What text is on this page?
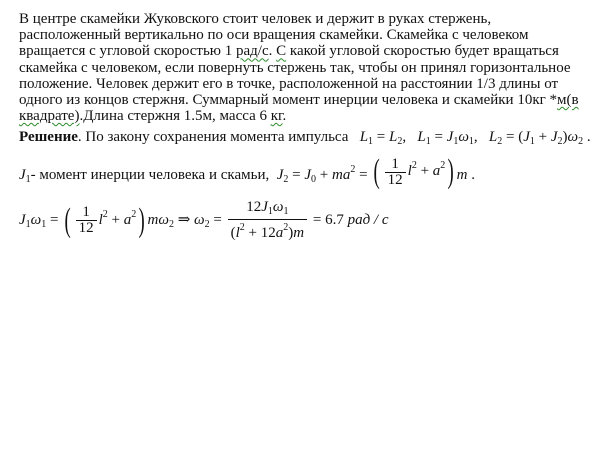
В центре скамейки Жуковского стоит человек и держит в руках стержень, расположенный вертикально по оси вращения скамейки. Скамейка с человеком вращается с угловой скоростью 1 рад/с. С какой угловой скоростью будет вращаться скамейка с человеком, если повернуть стержень так, чтобы он принял горизонтальное положение. Человек держит его в точке, расположенной на расстоянии 1/3 длины от одного из концов стержня. Суммарный момент инерции человека и скамейки 10кг *м(в квадрате).Длина стержня 1.5м, масса 6 кг.

Решение. По закону сохранения момента импульса   $L_1 = L_2$,   $L_1 = J_1\omega_1$,   $L_2 = (J_1 + J_2)\omega_2$ .
$J_1-$ момент инерции человека и скамьи,  $J_2 = J_0 + ma^2$ = ( $\frac{1}{12} l^2 + a^2$) m .
$J_1\omega_1$ = ( $\frac{1}{12} l^2 + a^2$) $m\omega_2$ ⇒ $\omega_2 = \frac{12J_1\omega_1}{(l^2 + 12a^2)m} = 6.7$ рад / с
